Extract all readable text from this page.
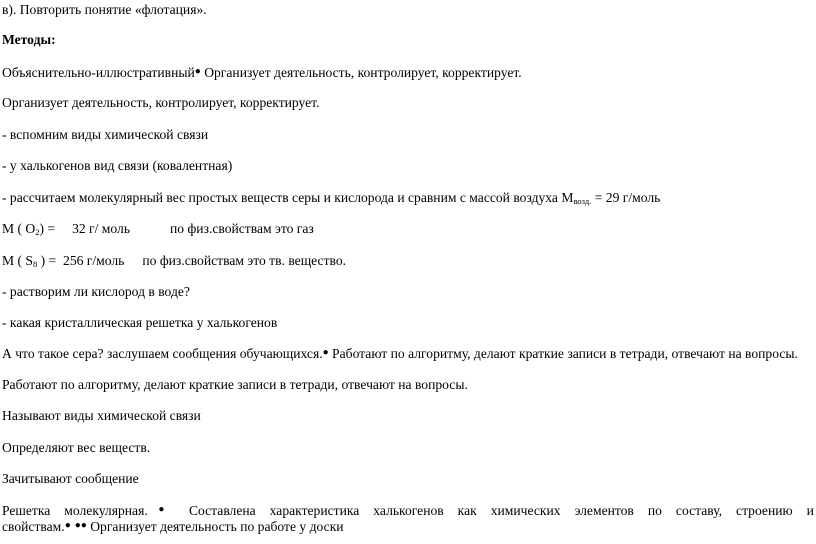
в). Повторить понятие «флотация».
Методы:
Объяснительно-иллюстративный● Организует деятельность, контролирует, корректирует.
Организует деятельность, контролирует, корректирует.
- вспомним виды химической связи
- у халькогенов вид связи (ковалентная)
- рассчитаем молекулярный вес простых веществ серы и кислорода и сравним с массой воздуха $М_{возд.} = 29$ г/моль
М ( $О_2$) =     32 г/ моль	по физ.свойствам это газ
М ( $S_8$ ) =  256 г/моль по физ.свойствам это тв. вещество.
- растворим ли кислород в воде?
- какая кристаллическая решетка у халькогенов
А что такое сера? заслушаем сообщения обучающихся.● Работают по алгоритму, делают краткие записи в тетради, отвечают на вопросы.
Работают по алгоритму, делают краткие записи в тетради, отвечают на вопросы.
Называют виды химической связи
Определяют вес веществ.
Зачитывают сообщение
Решетка молекулярная.● Составлена характеристика халькогенов как химических элементов по составу, строению и
свойствам.● ●● Организует деятельность по работе у доски
